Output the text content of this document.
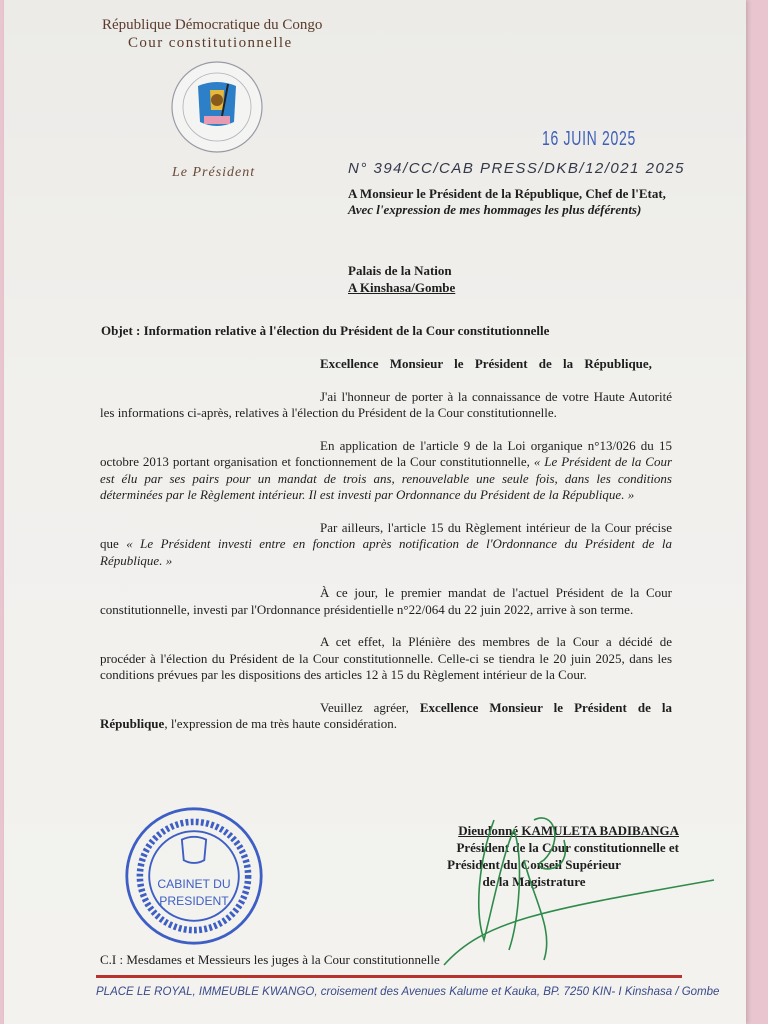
République Démocratique du Congo
Cour constitutionnelle
Le Président
16 JUIN 2025
N° 394/CC/CAB PRESS/DKB/12/021 2025
A Monsieur le Président de la République, Chef de l'Etat,
Avec l'expression de mes hommages les plus déférents)
Palais de la Nation
A Kinshasa/Gombe
Objet : Information relative à l'élection du Président de la Cour constitutionnelle

Excellence Monsieur le Président de la République,

J'ai l'honneur de porter à la connaissance de votre Haute Autorité les informations ci-après, relatives à l'élection du Président de la Cour constitutionnelle.

En application de l'article 9 de la Loi organique n°13/026 du 15 octobre 2013 portant organisation et fonctionnement de la Cour constitutionnelle, « Le Président de la Cour est élu par ses pairs pour un mandat de trois ans, renouvelable une seule fois, dans les conditions déterminées par le Règlement intérieur. Il est investi par Ordonnance du Président de la République. »

Par ailleurs, l'article 15 du Règlement intérieur de la Cour précise que « Le Président investi entre en fonction après notification de l'Ordonnance du Président de la République. »

À ce jour, le premier mandat de l'actuel Président de la Cour constitutionnelle, investi par l'Ordonnance présidentielle n°22/064 du 22 juin 2022, arrive à son terme.

A cet effet, la Plénière des membres de la Cour a décidé de procéder à l'élection du Président de la Cour constitutionnelle. Celle-ci se tiendra le 20 juin 2025, dans les conditions prévues par les dispositions des articles 12 à 15 du Règlement intérieur de la Cour.

Veuillez agréer, Excellence Monsieur le Président de la République, l'expression de ma très haute considération.

Dieudonné KAMULETA BADIBANGA
Président de la Cour constitutionnelle et
Président du Conseil Supérieur
de la Magistrature
CABINET DU
PRESIDENT
C.I : Mesdames et Messieurs les juges à la Cour constitutionnelle
PLACE LE ROYAL, IMMEUBLE KWANGO, croisement des Avenues Kalume et Kauka, BP. 7250 KIN- I Kinshasa / Gombe
